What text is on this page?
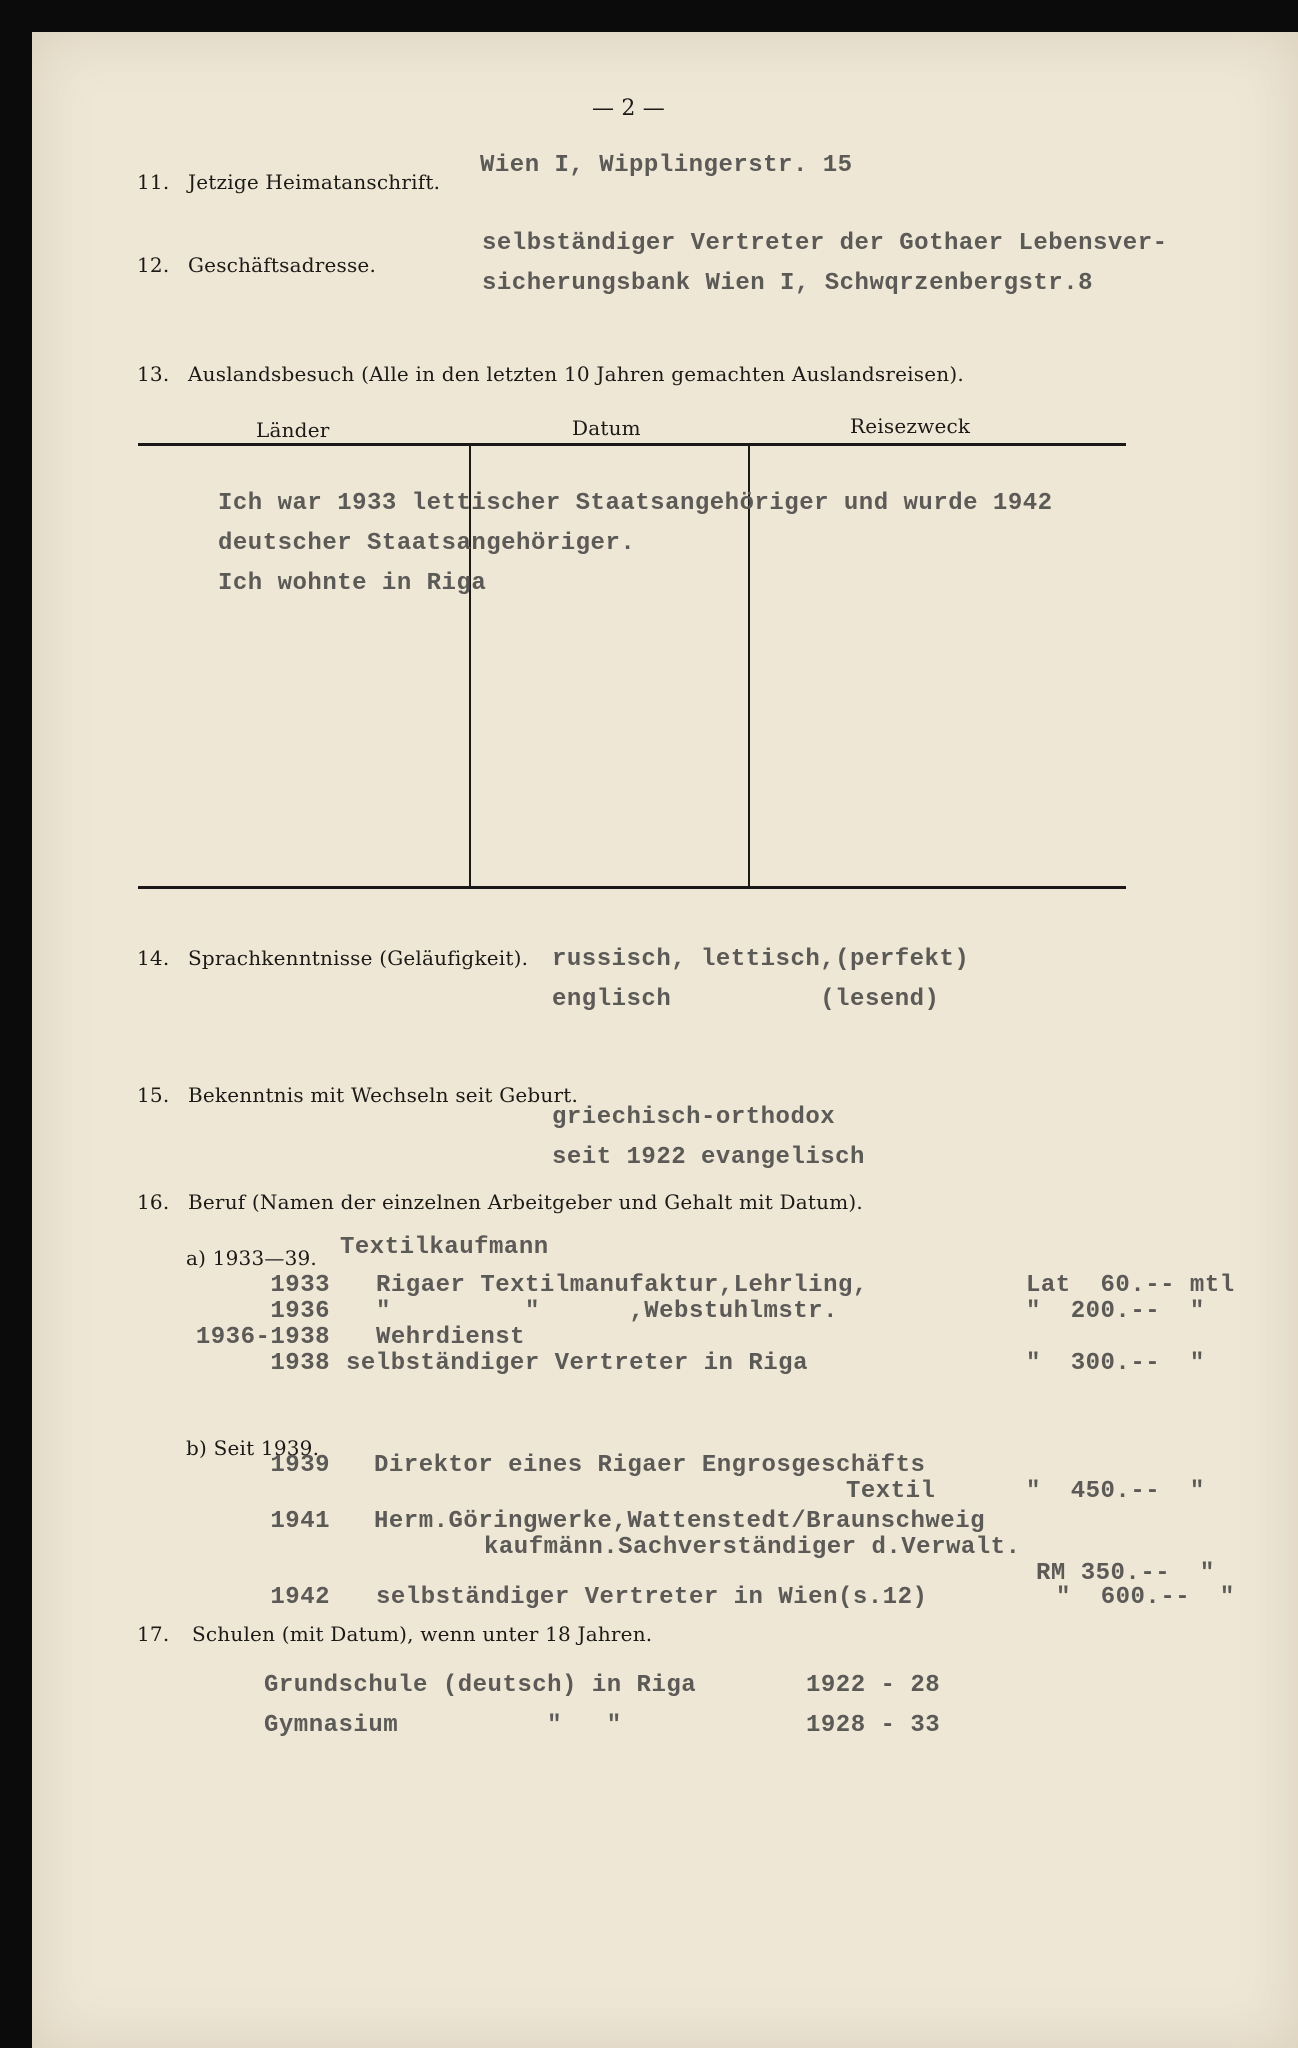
— 2 —
11. Jetzige Heimatanschrift.
Wien I, Wipplingerstr. 15
12. Geschäftsadresse.
selbständiger Vertreter der Gothaer Lebensver-
sicherungsbank Wien I, Schwqrzenbergstr.8
13. Auslandsbesuch (Alle in den letzten 10 Jahren gemachten Auslandsreisen).
Länder	Datum	Reisezweck
Ich war 1933 lettischer Staatsangehöriger und wurde 1942
deutscher Staatsangehöriger.
Ich wohnte in Riga
14. Sprachkenntnisse (Geläufigkeit). russisch, lettisch,(perfekt)
englisch          (lesend)
15. Bekenntnis mit Wechseln seit Geburt.
griechisch-orthodox
seit 1922 evangelisch
16. Beruf (Namen der einzelnen Arbeitgeber und Gehalt mit Datum).
a) 1933—39. Textilkaufmann
1933 Rigaer Textilmanufaktur,Lehrling,	Lat  60.-- mtl
1936 "         "      ,Webstuhlmstr.	"  200.--  "
1936-1938 Wehrdienst
1938 selbständiger Vertreter in Riga	"  300.--  "
b) Seit 1939.
1939 Direktor eines Rigaer Engrosgeschäfts
Textil	"  450.--  "
1941 Herm.Göringwerke,Wattenstedt/Braunschweig
kaufmänn.Sachverständiger d.Verwalt.
RM 350.--  "
1942 selbständiger Vertreter in Wien(s.12)	"  600.--  "
17. Schulen (mit Datum), wenn unter 18 Jahren.
Grundschule (deutsch) in Riga	1922 - 28
Gymnasium          "   "	1928 - 33
